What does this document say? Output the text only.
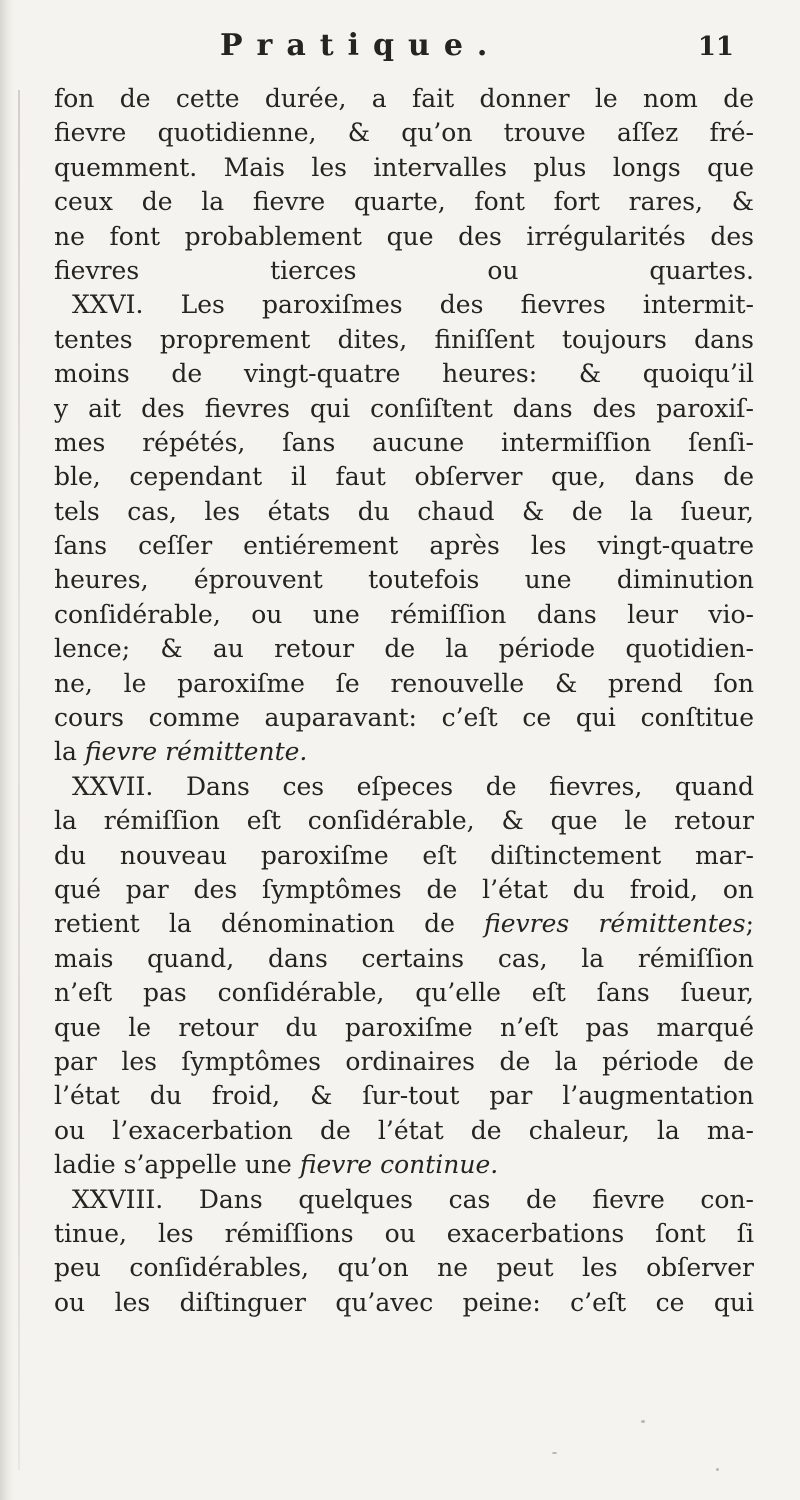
Pratique.	11
fon de cette durée, a fait donner le nom de
fievre quotidienne, & qu’on trouve aſſez fré-
quemment. Mais les intervalles plus longs que
ceux de la fievre quarte, font fort rares, &
ne font probablement que des irrégularités des
fievres tierces ou quartes.
XXVI. Les paroxiſmes des fievres intermit-
tentes proprement dites, finiſſent toujours dans
moins de vingt-quatre heures: & quoiqu’il
y ait des fievres qui conſiſtent dans des paroxiſ-
mes répétés, ſans aucune intermiſſion ſenſi-
ble, cependant il faut obſerver que, dans de
tels cas, les états du chaud & de la ſueur,
ſans ceſſer entiérement après les vingt-quatre
heures, éprouvent toutefois une diminution
conſidérable, ou une rémiſſion dans leur vio-
lence; & au retour de la période quotidien-
ne, le paroxiſme ſe renouvelle & prend ſon
cours comme auparavant: c’eſt ce qui conſtitue
la fievre rémittente.
XXVII. Dans ces eſpeces de fievres, quand
la rémiſſion eſt conſidérable, & que le retour
du nouveau paroxiſme eſt diſtinctement mar-
qué par des ſymptômes de l’état du froid, on
retient la dénomination de fievres rémittentes;
mais quand, dans certains cas, la rémiſſion
n’eſt pas conſidérable, qu’elle eſt ſans ſueur,
que le retour du paroxiſme n’eſt pas marqué
par les ſymptômes ordinaires de la période de
l’état du froid, & ſur-tout par l’augmentation
ou l’exacerbation de l’état de chaleur, la ma-
ladie s’appelle une fievre continue.
XXVIII. Dans quelques cas de fievre con-
tinue, les rémiſſions ou exacerbations ſont ſi
peu conſidérables, qu’on ne peut les obſerver
ou les diſtinguer qu’avec peine: c’eſt ce qui
